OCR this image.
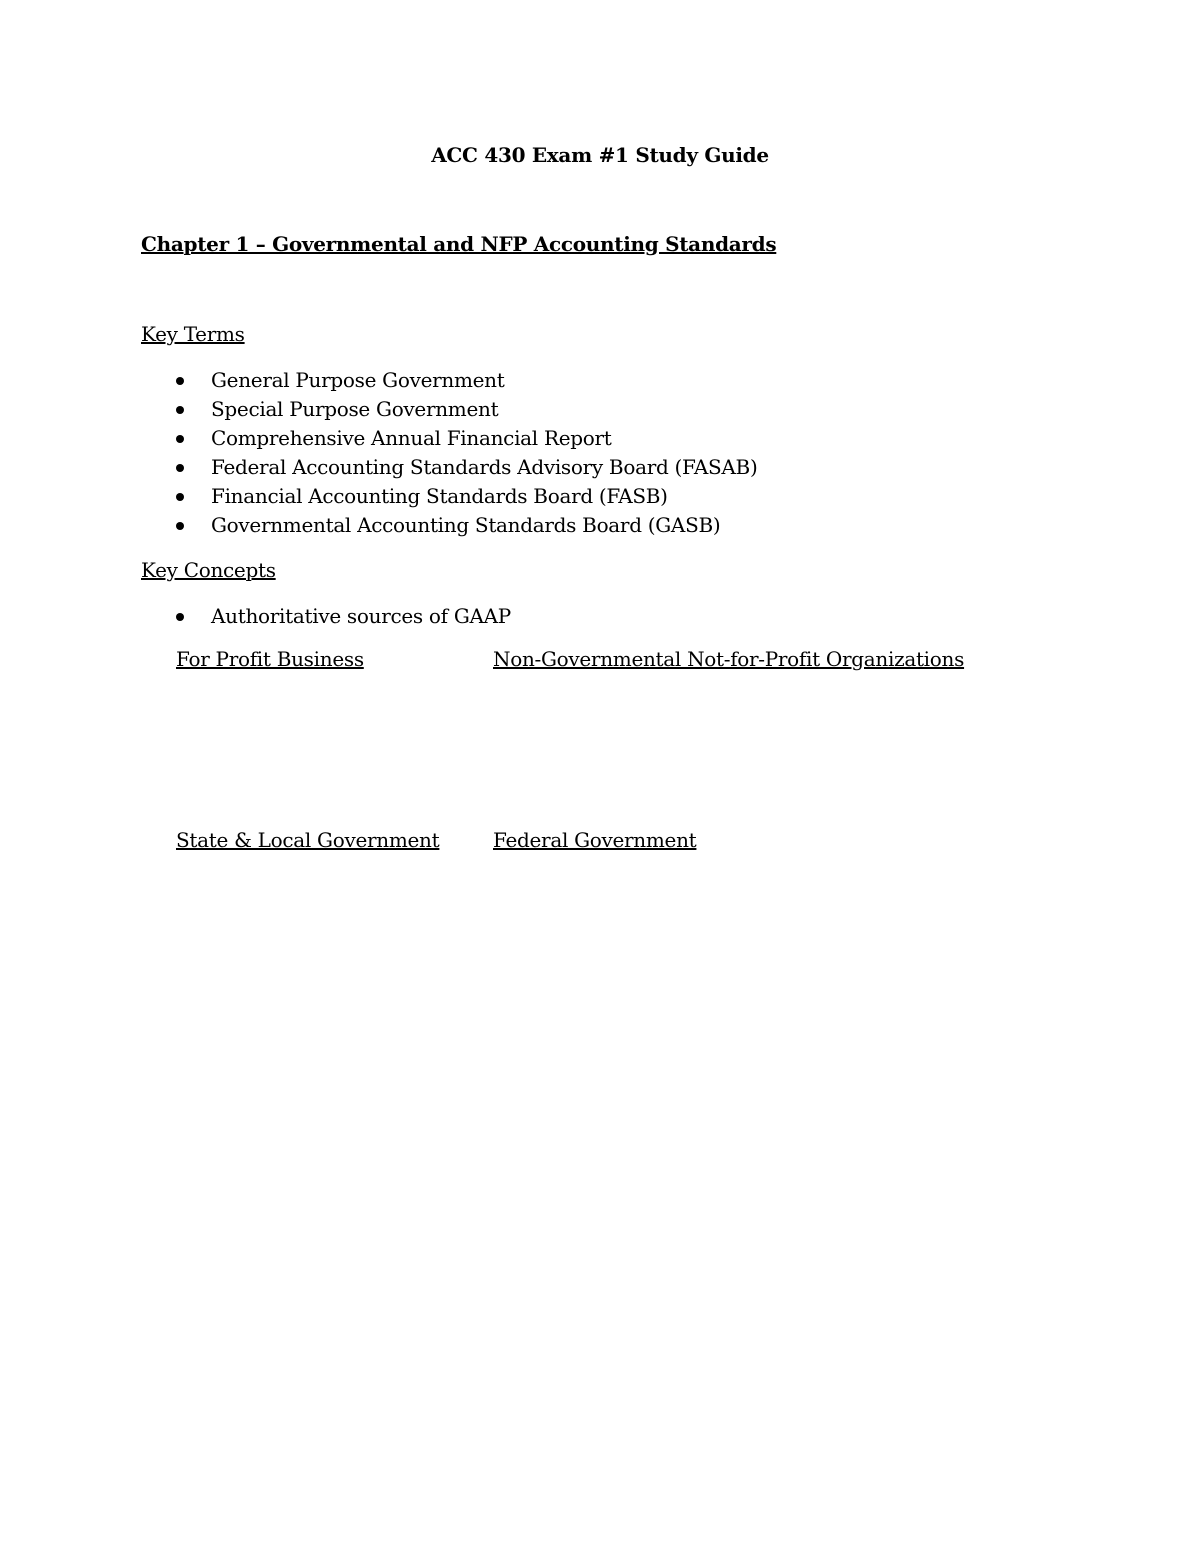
ACC 430 Exam #1 Study Guide
Chapter 1 – Governmental and NFP Accounting Standards
Key Terms
General Purpose Government
Special Purpose Government
Comprehensive Annual Financial Report
Federal Accounting Standards Advisory Board (FASAB)
Financial Accounting Standards Board (FASB)
Governmental Accounting Standards Board (GASB)
Key Concepts
Authoritative sources of GAAP
For Profit Business	Non-Governmental Not-for-Profit Organizations
State & Local Government	Federal Government
